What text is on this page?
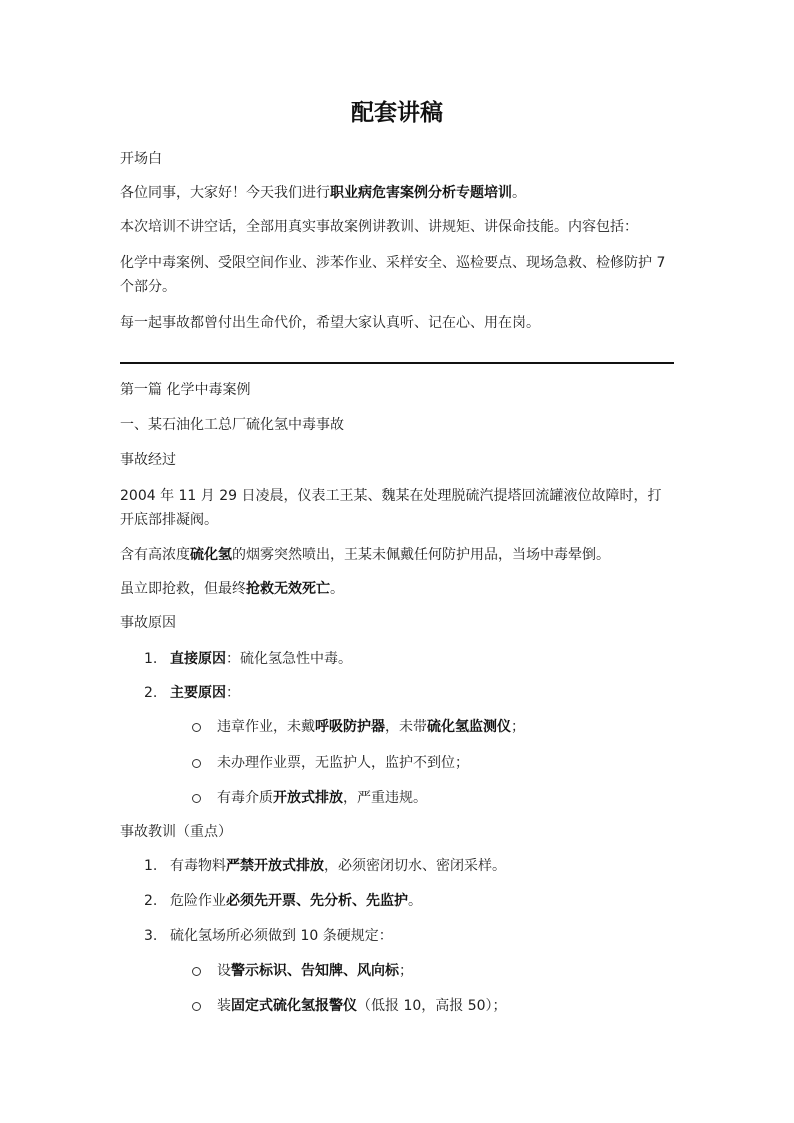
配套讲稿
开场白
各位同事，大家好！今天我们进行职业病危害案例分析专题培训。
本次培训不讲空话，全部用真实事故案例讲教训、讲规矩、讲保命技能。内容包括：
化学中毒案例、受限空间作业、涉苯作业、采样安全、巡检要点、现场急救、检修防护 7 个部分。
每一起事故都曾付出生命代价，希望大家认真听、记在心、用在岗。
第一篇 化学中毒案例
一、某石油化工总厂硫化氢中毒事故
事故经过
2004 年 11 月 29 日凌晨，仪表工王某、魏某在处理脱硫汽提塔回流罐液位故障时，打开底部排凝阀。
含有高浓度硫化氢的烟雾突然喷出，王某未佩戴任何防护用品，当场中毒晕倒。
虽立即抢救，但最终抢救无效死亡。
事故原因
1. 直接原因：硫化氢急性中毒。
2. 主要原因：
违章作业，未戴呼吸防护器，未带硫化氢监测仪；
未办理作业票，无监护人，监护不到位；
有毒介质开放式排放，严重违规。
事故教训（重点）
1. 有毒物料严禁开放式排放，必须密闭切水、密闭采样。
2. 危险作业必须先开票、先分析、先监护。
3. 硫化氢场所必须做到 10 条硬规定：
设警示标识、告知牌、风向标；
装固定式硫化氢报警仪（低报 10，高报 50）；
